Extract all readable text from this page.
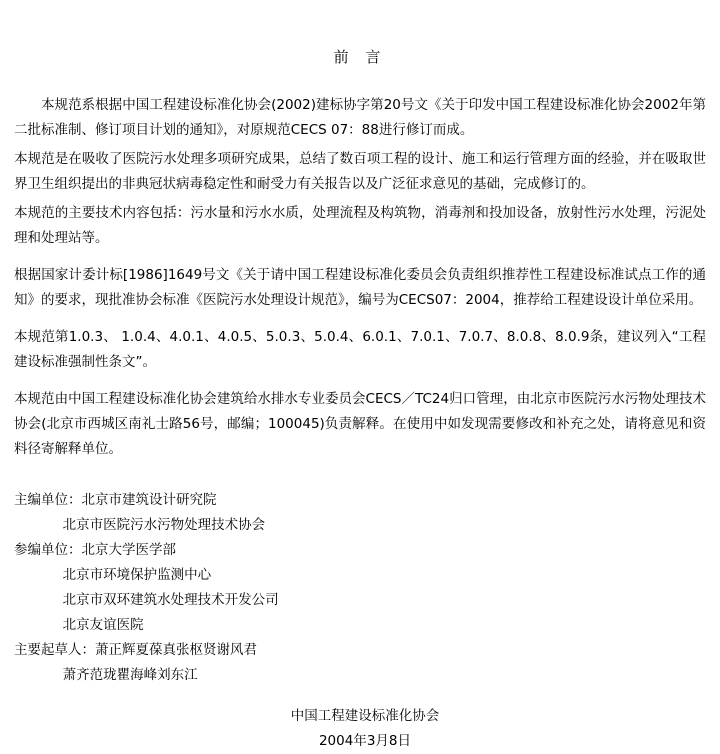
前 言

本规范系根据中国工程建设标准化协会(2002)建标协字第20号文《关于印发中国工程建设标准化协会2002年第二批标准制、修订项目计划的通知》，对原规范CECS 07：88进行修订而成。

本规范是在吸收了医院污水处理多项研究成果，总结了数百项工程的设计、施工和运行管理方面的经验，并在吸取世界卫生组织提出的非典冠状病毒稳定性和耐受力有关报告以及广泛征求意见的基础，完成修订的。

本规范的主要技术内容包括：污水量和污水水质，处理流程及构筑物，消毒剂和投加设备，放射性污水处理，污泥处理和处理站等。

根据国家计委计标[1986]1649号文《关于请中国工程建设标准化委员会负责组织推荐性工程建设标准试点工作的通知》的要求，现批准协会标准《医院污水处理设计规范》，编号为CECS07：2004，推荐给工程建设设计单位采用。

本规范第1.0.3、 1.0.4、4.0.1、4.0.5、5.0.3、5.0.4、6.0.1、7.0.1、7.0.7、8.0.8、8.0.9条，建议列入“工程建设标准强制性条文”。

本规范由中国工程建设标准化协会建筑给水排水专业委员会CECS／TC24归口管理，由北京市医院污水污物处理技术协会(北京市西城区南礼士路56号，邮编；100045)负责解释。在使用中如发现需要修改和补充之处，请将意见和资料径寄解释单位。

主编单位：北京市建筑设计研究院
北京市医院污水污物处理技术协会
参编单位：北京大学医学部
北京市环境保护监测中心
北京市双环建筑水处理技术开发公司
北京友谊医院
主要起草人：萧正辉夏葆真张枢贤谢风君
萧齐范珑瞿海峰刘东江
中国工程建设标准化协会
2004年3月8日
